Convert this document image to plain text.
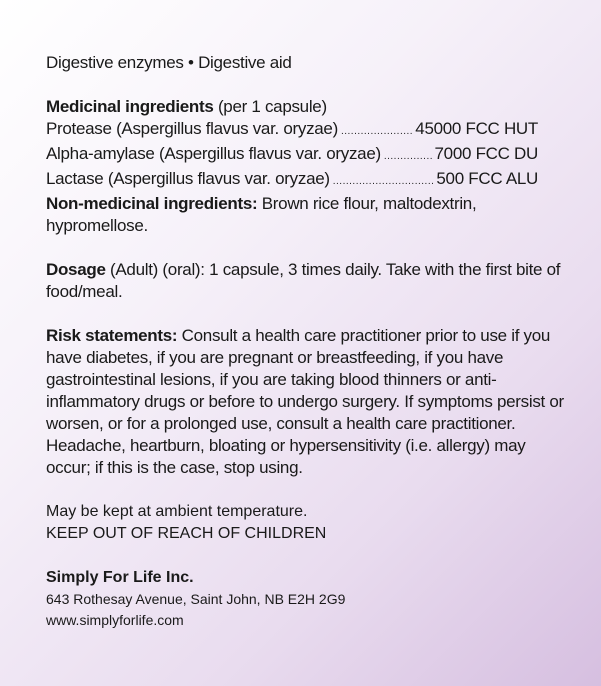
Digestive enzymes • Digestive aid
Medicinal ingredients (per 1 capsule)
Protease (Aspergillus flavus var. oryzae) .....	45000 FCC HUT
Alpha-amylase (Aspergillus flavus var. oryzae) .....	7000 FCC DU
Lactase (Aspergillus flavus var. oryzae) .....	500 FCC ALU
Non-medicinal ingredients: Brown rice flour, maltodextrin, hypromellose.
Dosage (Adult) (oral): 1 capsule, 3 times daily. Take with the first bite of food/meal.
Risk statements: Consult a health care practitioner prior to use if you have diabetes, if you are pregnant or breastfeeding, if you have gastrointestinal lesions, if you are taking blood thinners or anti-inflammatory drugs or before to undergo surgery. If symptoms persist or worsen, or for a prolonged use, consult a health care practitioner. Headache, heartburn, bloating or hypersensitivity (i.e. allergy) may occur; if this is the case, stop using.
May be kept at ambient temperature.
KEEP OUT OF REACH OF CHILDREN
Simply For Life Inc.
643 Rothesay Avenue, Saint John, NB E2H 2G9
www.simplyforlife.com
